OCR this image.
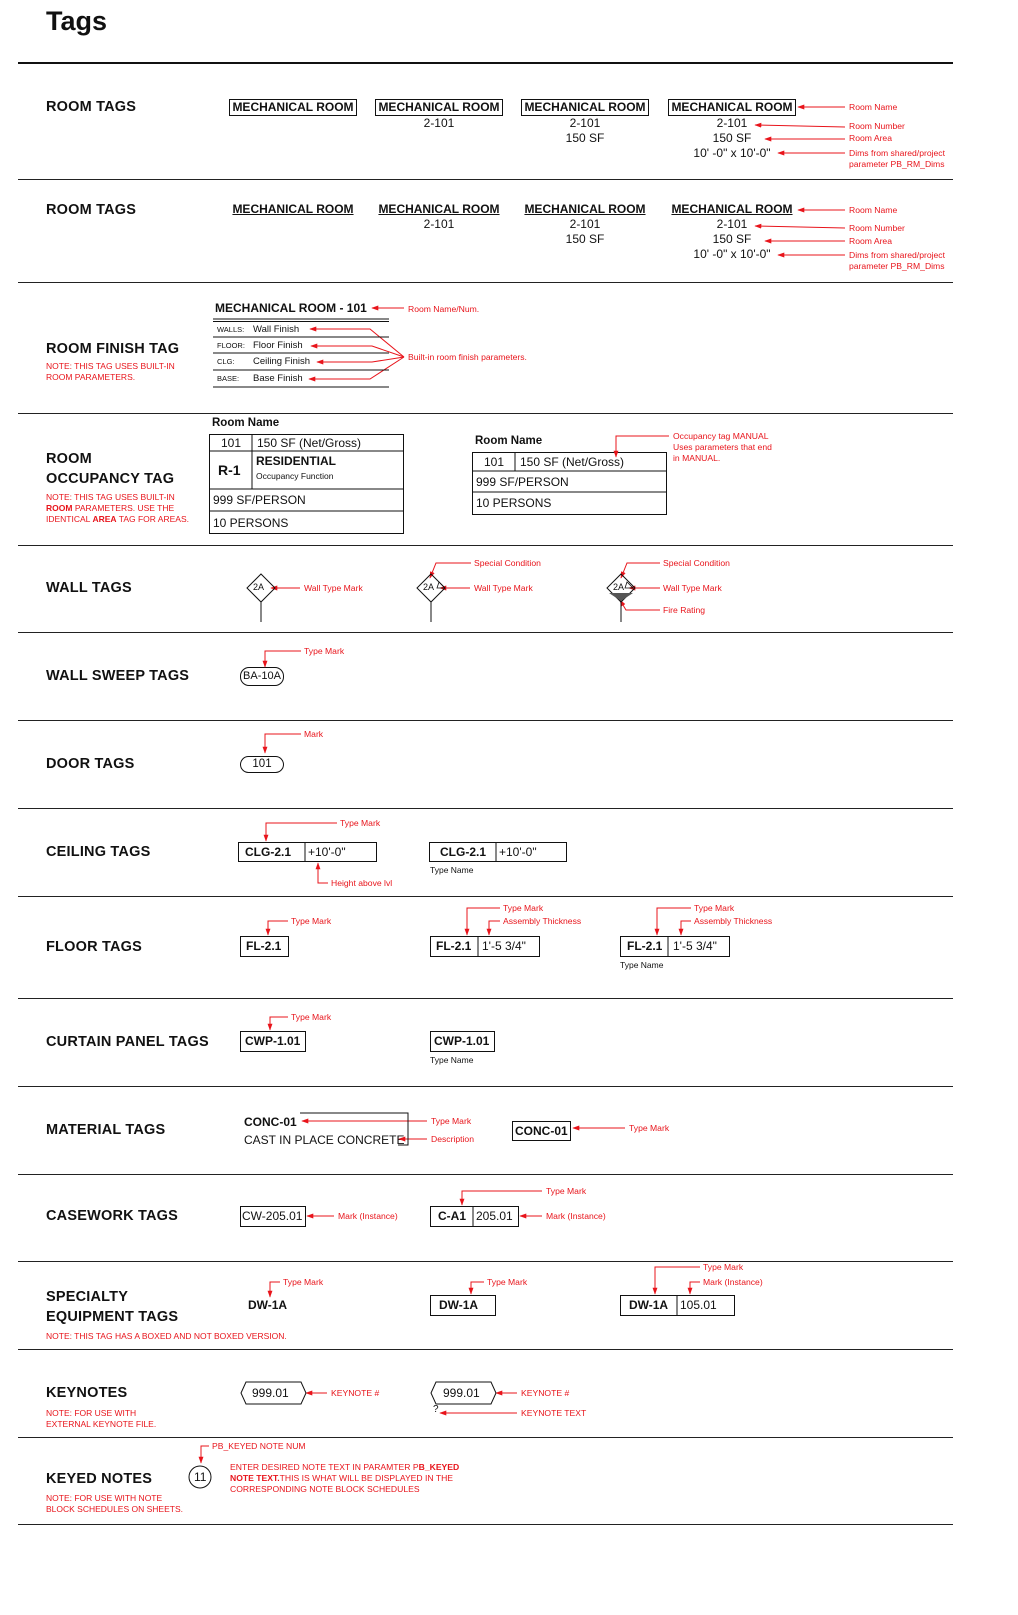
Tags
ROOM TAGS	MECHANICAL ROOM	MECHANICAL ROOM
2-101
MECHANICAL ROOM
2-101
150 SF
MECHANICAL ROOM
2-101
150 SF
10' -0" x 10'-0"
Room Name
Room Number
Room Area
Dims from shared/project
parameter PB_RM_Dims
ROOM TAGS	MECHANICAL ROOM	MECHANICAL ROOM
2-101
MECHANICAL ROOM
2-101
150 SF
MECHANICAL ROOM
2-101
150 SF
10' -0" x 10'-0"
Room Name
Room Number
Room Area
Dims from shared/project
parameter PB_RM_Dims
ROOM FINISH TAG
NOTE: THIS TAG USES BUILT-IN
ROOM PARAMETERS.
MECHANICAL ROOM - 101
WALLS: Wall Finish
FLOOR: Floor Finish
CLG: Ceiling Finish
BASE: Base Finish
Room Name/Num.
Built-in room finish parameters.
ROOM
OCCUPANCY TAG
NOTE: THIS TAG USES BUILT-IN
ROOM PARAMETERS. USE THE
IDENTICAL AREA TAG FOR AREAS.
Room Name
101 150 SF (Net/Gross)
R-1
RESIDENTIAL
Occupancy Function
999 SF/PERSON
10 PERSONS
Room Name
101 150 SF (Net/Gross)
999 SF/PERSON
10 PERSONS
Occupancy tag MANUAL
Uses parameters that end
in MANUAL.
WALL TAGS	2A	2A	2A
Wall Type Mark
Special Condition
Wall Type Mark
Special Condition
Wall Type Mark
Fire Rating
WALL SWEEP TAGS	BA-10A
Type Mark
DOOR TAGS	101
Mark
CEILING TAGS	CLG-2.1 +10'-0"	CLG-2.1 +10'-0"
Type Name
Type Mark
Height above lvl
FLOOR TAGS	FL-2.1	FL-2.1 1'-5 3/4"	FL-2.1 1'-5 3/4"
Type Name
Type Mark
Type Mark
Assembly Thickness
Type Mark
Assembly Thickness
CURTAIN PANEL TAGS	CWP-1.01	CWP-1.01
Type Name
Type Mark
MATERIAL TAGS	CONC-01
CAST IN PLACE CONCRETE
CONC-01
Type Mark
Description
Type Mark
CASEWORK TAGS	CW-205.01	C-A1 205.01
Mark (Instance)
Type Mark
Mark (Instance)
SPECIALTY
EQUIPMENT TAGS
NOTE: THIS TAG HAS A BOXED AND NOT BOXED VERSION.
DW-1A	DW-1A	DW-1A 105.01
Type Mark	Type Mark
Type Mark
Mark (Instance)
KEYNOTES
NOTE: FOR USE WITH
EXTERNAL KEYNOTE FILE.
999.01	999.01
?
KEYNOTE #	KEYNOTE #
KEYNOTE TEXT
KEYED NOTES
NOTE: FOR USE WITH NOTE
BLOCK SCHEDULES ON SHEETS.
11
PB_KEYED NOTE NUM
ENTER DESIRED NOTE TEXT IN PARAMTER PB_KEYED
NOTE TEXT.THIS IS WHAT WILL BE DISPLAYED IN THE
CORRESPONDING NOTE BLOCK SCHEDULES
